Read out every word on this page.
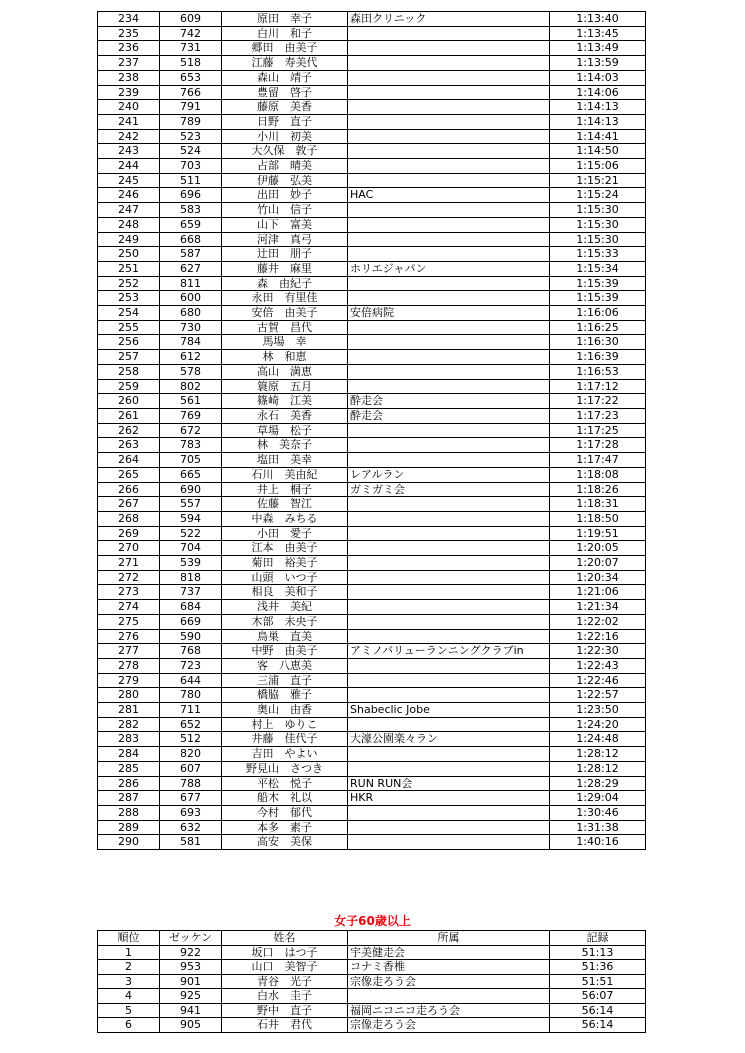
234	609	原田　幸子	森田クリニック	1:13:40
235	742	白川　和子		1:13:45
236	731	郷田　由美子		1:13:49
237	518	江藤　寿美代		1:13:59
238	653	森山　靖子		1:14:03
239	766	豊留　啓子		1:14:06
240	791	藤原　美香		1:14:13
241	789	日野　直子		1:14:13
242	523	小川　初美		1:14:41
243	524	大久保　敦子		1:14:50
244	703	占部　晴美		1:15:06
245	511	伊藤　弘美		1:15:21
246	696	出田　妙子	HAC	1:15:24
247	583	竹山　信子		1:15:30
248	659	山下　富美		1:15:30
249	668	河津　真弓		1:15:30
250	587	辻田　朋子		1:15:33
251	627	藤井　麻里	ホリエジャパン	1:15:34
252	811	森　由紀子		1:15:39
253	600	永田　有里佳		1:15:39
254	680	安倍　由美子	安倍病院	1:16:06
255	730	古賀　昌代		1:16:25
256	784	馬場　幸		1:16:30
257	612	林　和恵		1:16:39
258	578	高山　満恵		1:16:53
259	802	簑原　五月		1:17:12
260	561	篠崎　江美	酔走会	1:17:22
261	769	永石　美香	酔走会	1:17:23
262	672	草場　松子		1:17:25
263	783	林　美奈子		1:17:28
264	705	塩田　美幸		1:17:47
265	665	石川　美由紀	レアルラン	1:18:08
266	690	井上　桐子	ガミガミ会	1:18:26
267	557	佐藤　智江		1:18:31
268	594	中森　みちる		1:18:50
269	522	小田　愛子		1:19:51
270	704	江本　由美子		1:20:05
271	539	菊田　裕美子		1:20:07
272	818	山頭　いつ子		1:20:34
273	737	相良　美和子		1:21:06
274	684	浅井　美紀		1:21:34
275	669	木部　未央子		1:22:02
276	590	鳥巣　直美		1:22:16
277	768	中野　由美子	アミノバリューランニングクラブin	1:22:30
278	723	客　八恵美		1:22:43
279	644	三浦　直子		1:22:46
280	780	橋脇　雅子		1:22:57
281	711	奥山　由香	Shabeclic Jobe	1:23:50
282	652	村上　ゆりこ		1:24:20
283	512	井藤　佳代子	大濠公園楽々ラン	1:24:48
284	820	吉田　やよい		1:28:12
285	607	野見山　さつき		1:28:12
286	788	平松　悦子	RUN RUN会	1:28:29
287	677	船木　礼以	HKR	1:29:04
288	693	今村　郁代		1:30:46
289	632	本多　素子		1:31:38
290	581	高安　美保		1:40:16
女子60歳以上
順位	ゼッケン	姓名	所属	記録
1	922	坂口　はつ子	宇美健走会	51:13
2	953	山口　美智子	コナミ香椎	51:36
3	901	青谷　光子	宗像走ろう会	51:51
4	925	白水　圭子		56:07
5	941	野中　直子	福岡ニコニコ走ろう会	56:14
6	905	石井　君代	宗像走ろう会	56:14
